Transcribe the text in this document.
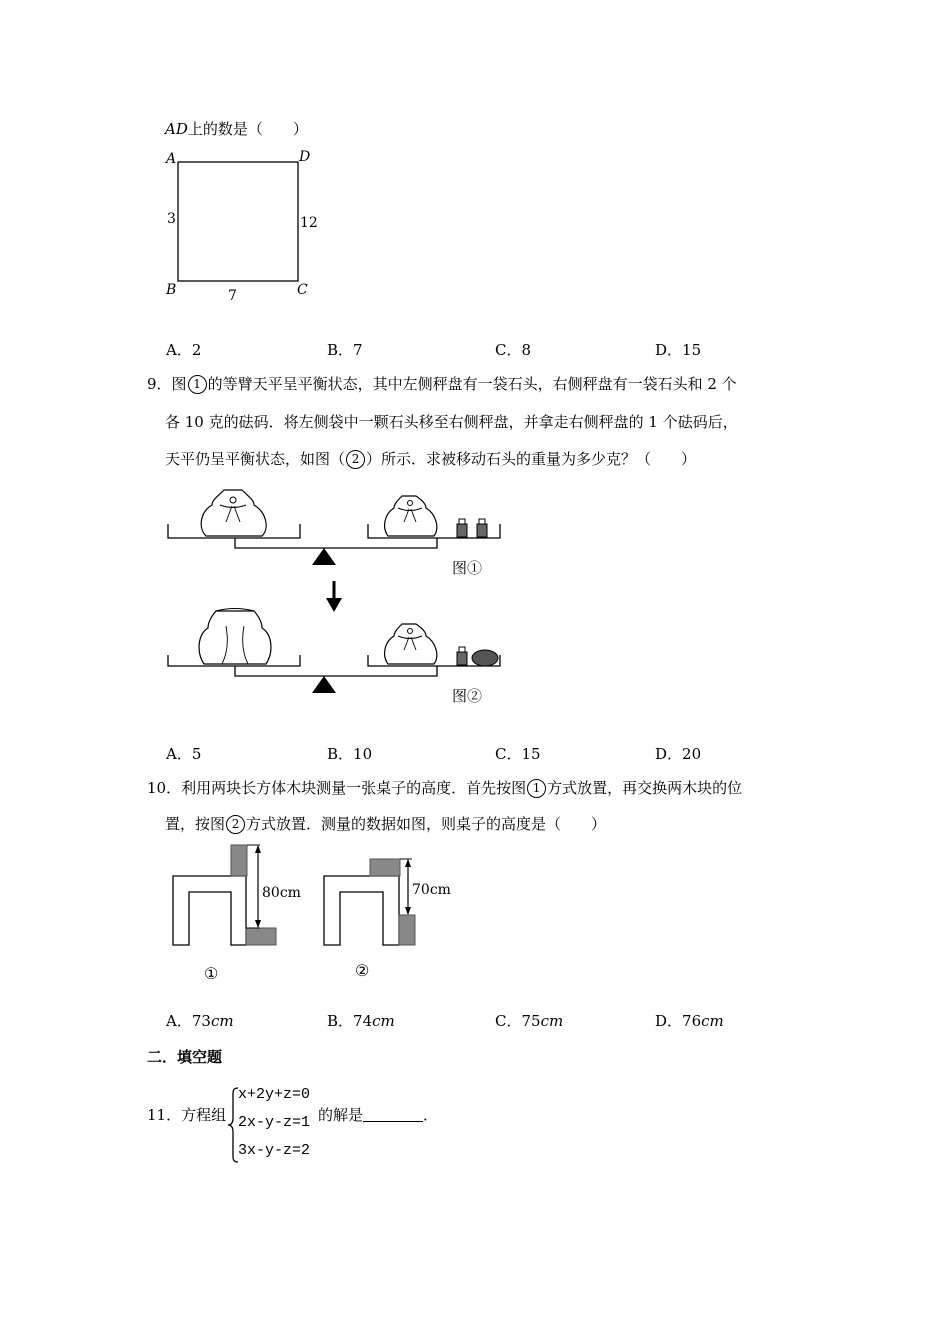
AD上的数是（　　）
A	D
B	C
3	12
7
A．2	B．7	C．8	D．15
9．图 1 的等臂天平呈平衡状态，其中左侧秤盘有一袋石头，右侧秤盘有一袋石头和 2 个
各 10 克的砝码．将左侧袋中一颗石头移至右侧秤盘，并拿走右侧秤盘的 1 个砝码后，
天平仍呈平衡状态，如图（ 2 ）所示．求被移动石头的重量为多少克？（　　）
图①
图②
A．5	B．10	C．15	D．20
10．利用两块长方体木块测量一张桌子的高度．首先按图 1 方式放置，再交换两木块的位
置，按图 2 方式放置．测量的数据如图，则桌子的高度是（　　）
80cm
①
70cm
②
A．73cm	B．74cm	C．75cm	D．76cm
二．填空题
11．方程组
x+2y+z=0
2x-y-z=1
3x-y-z=2
的解是	．
